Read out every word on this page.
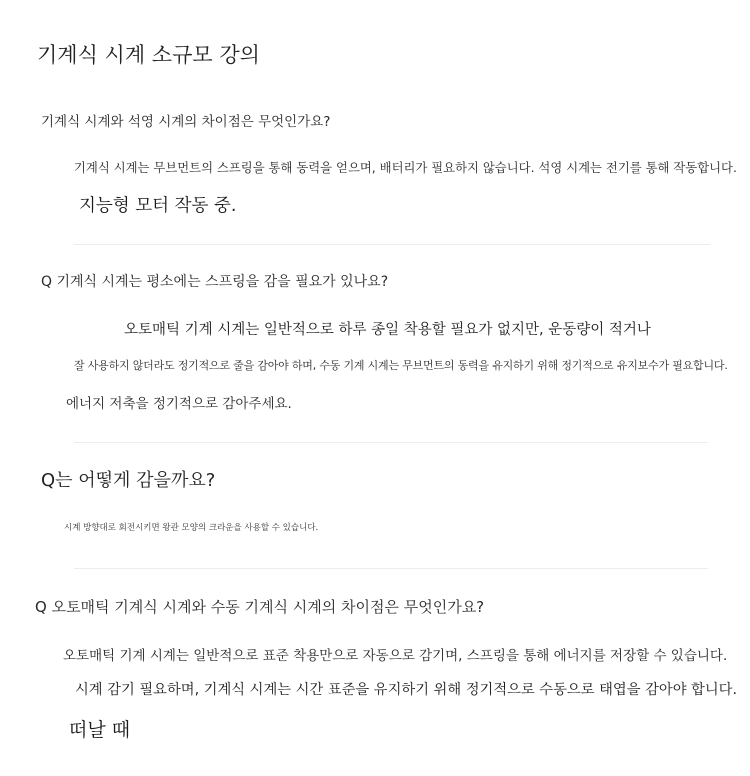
기계식 시계 소규모 강의

기계식 시계와 석영 시계의 차이점은 무엇인가요?

기계식 시계는 무브먼트의 스프링을 통해 동력을 얻으며, 배터리가 필요하지 않습니다. 석영 시계는 전기를 통해 작동합니다.

지능형 모터 작동 중.

Q 기계식 시계는 평소에는 스프링을 감을 필요가 있나요?

오토매틱 기계 시계는 일반적으로 하루 종일 착용할 필요가 없지만, 운동량이 적거나

잘 사용하지 않더라도 정기적으로 줄을 감아야 하며, 수동 기계 시계는 무브먼트의 동력을 유지하기 위해 정기적으로 유지보수가 필요합니다.

에너지 저축을 정기적으로 감아주세요.

Q는 어떻게 감을까요?

시계 방향대로 회전시키면 왕관 모양의 크라운을 사용할 수 있습니다.

Q 오토매틱 기계식 시계와 수동 기계식 시계의 차이점은 무엇인가요?

오토매틱 기계 시계는 일반적으로 표준 착용만으로 자동으로 감기며, 스프링을 통해 에너지를 저장할 수 있습니다.

시계 감기 필요하며, 기계식 시계는 시간 표준을 유지하기 위해 정기적으로 수동으로 태엽을 감아야 합니다.

떠날 때
